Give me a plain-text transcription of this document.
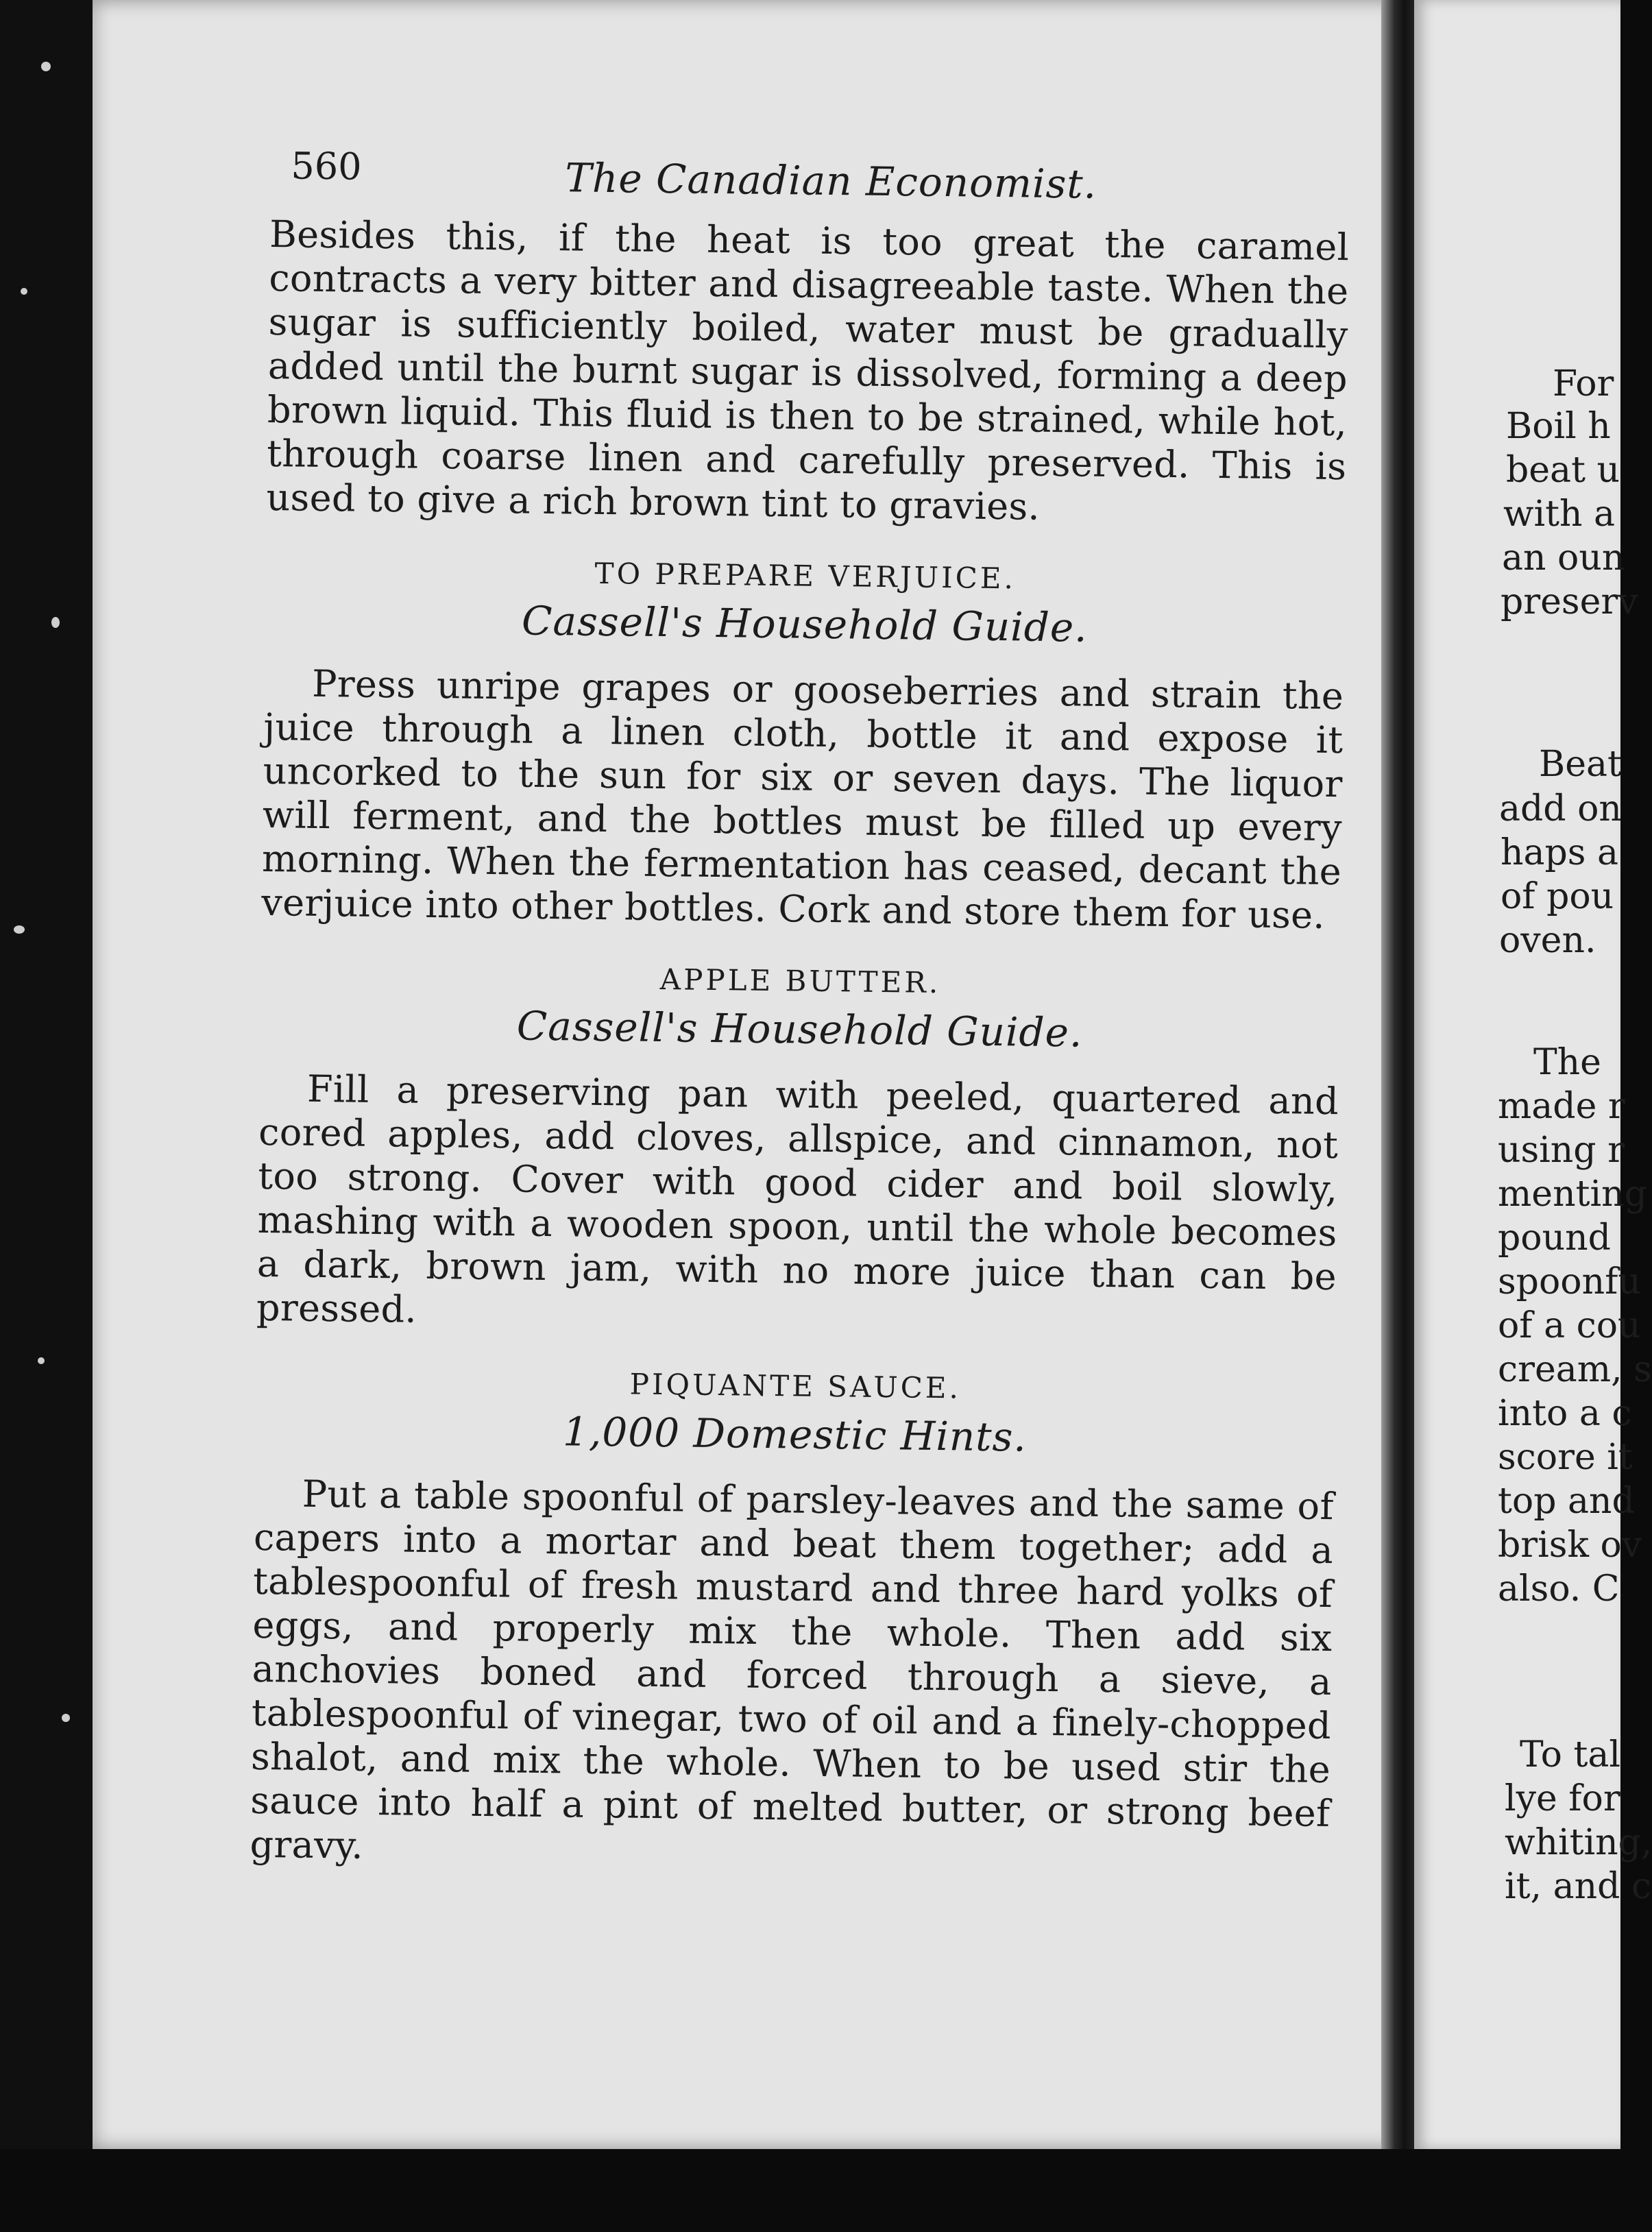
560	The Canadian Economist.

Besides this, if the heat is too great the caramel contracts a very bitter and disagreeable taste. When the sugar is sufficiently boiled, water must be gradually added until the burnt sugar is dissolved, forming a deep brown liquid. This fluid is then to be strained, while hot, through coarse linen and carefully preserved. This is used to give a rich brown tint to gravies.

TO PREPARE VERJUICE.
Cassell's Household Guide.

Press unripe grapes or gooseberries and strain the juice through a linen cloth, bottle it and expose it uncorked to the sun for six or seven days. The liquor will ferment, and the bottles must be filled up every morning. When the fermentation has ceased, decant the verjuice into other bottles. Cork and store them for use.

APPLE BUTTER.
Cassell's Household Guide.

Fill a preserving pan with peeled, quartered and cored apples, add cloves, allspice, and cinnamon, not too strong. Cover with good cider and boil slowly, mashing with a wooden spoon, until the whole becomes a dark, brown jam, with no more juice than can be pressed.

PIQUANTE SAUCE.
1,000 Domestic Hints.

Put a table spoonful of parsley-leaves and the same of capers into a mortar and beat them together; add a tablespoonful of fresh mustard and three hard yolks of eggs, and properly mix the whole. Then add six anchovies boned and forced through a sieve, a tablespoonful of vinegar, two of oil and a finely-chopped shalot, and mix the whole. When to be used stir the sauce into half a pint of melted butter, or strong beef gravy.

For
Boil h
beat u
with a
an oun
preserv
Beat
add on
haps a
of pou
oven.
The
made r
using r
menting
pound
spoonfu
of a cou
cream, s
into a c
score it
top and
brisk ov
also. C
To tal
lye for
whiting,
it, and c
